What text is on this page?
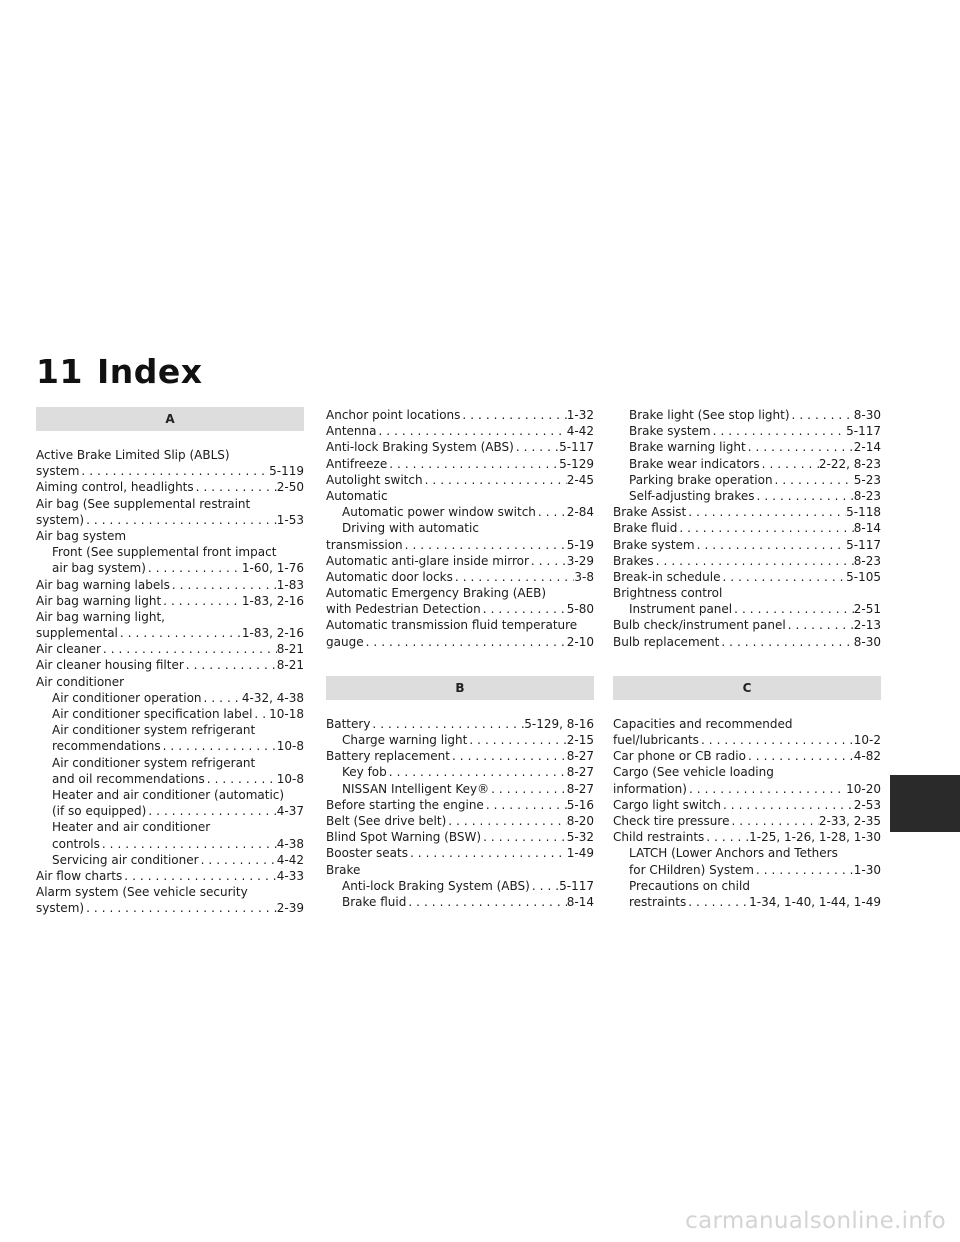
11 Index
A
Active Brake Limited Slip (ABLS)
system .....	5-119
Aiming control, headlights .....	2-50
Air bag (See supplemental restraint
system) .....	1-53
Air bag system
Front (See supplemental front impact
air bag system) .....	1-60, 1-76
Air bag warning labels .....	1-83
Air bag warning light .....	1-83, 2-16
Air bag warning light,
supplemental .....	1-83, 2-16
Air cleaner .....	8-21
Air cleaner housing filter .....	8-21
Air conditioner
Air conditioner operation .....	4-32, 4-38
Air conditioner specification label ..... 10-18
Air conditioner system refrigerant
recommendations .....	10-8
Air conditioner system refrigerant
and oil recommendations .....	10-8
Heater and air conditioner (automatic)
(if so equipped) .....	4-37
Heater and air conditioner
controls .....	4-38
Servicing air conditioner .....	4-42
Air flow charts .....	4-33
Alarm system (See vehicle security
system) .....	2-39
Anchor point locations .....	1-32
Antenna .....	4-42
Anti-lock Braking System (ABS) .....	5-117
Antifreeze .....	5-129
Autolight switch .....	2-45
Automatic
Automatic power window switch .....	2-84
Driving with automatic
transmission .....	5-19
Automatic anti-glare inside mirror .....	3-29
Automatic door locks .....	3-8
Automatic Emergency Braking (AEB)
with Pedestrian Detection .....	5-80
Automatic transmission fluid temperature
gauge .....	2-10
B
Battery .....	5-129, 8-16
Charge warning light .....	2-15
Battery replacement .....	8-27
Key fob .....	8-27
NISSAN Intelligent Key® .....	8-27
Before starting the engine .....	5-16
Belt (See drive belt) .....	8-20
Blind Spot Warning (BSW) .....	5-32
Booster seats .....	1-49
Brake
Anti-lock Braking System (ABS) ..... 5-117
Brake fluid .....	8-14
Brake light (See stop light) .....	8-30
Brake system .....	5-117
Brake warning light .....	2-14
Brake wear indicators .....	2-22, 8-23
Parking brake operation .....	5-23
Self-adjusting brakes .....	8-23
Brake Assist .....	5-118
Brake fluid .....	8-14
Brake system .....	5-117
Brakes .....	8-23
Break-in schedule .....	5-105
Brightness control
Instrument panel .....	2-51
Bulb check/instrument panel .....	2-13
Bulb replacement .....	8-30
C
Capacities and recommended
fuel/lubricants .....	10-2
Car phone or CB radio .....	4-82
Cargo (See vehicle loading
information) .....	10-20
Cargo light switch .....	2-53
Check tire pressure .....	2-33, 2-35
Child restraints .....	1-25, 1-26, 1-28, 1-30
LATCH (Lower Anchors and Tethers
for CHildren) System .....	1-30
Precautions on child
restraints .....	1-34, 1-40, 1-44, 1-49
carmanualsonline.info
